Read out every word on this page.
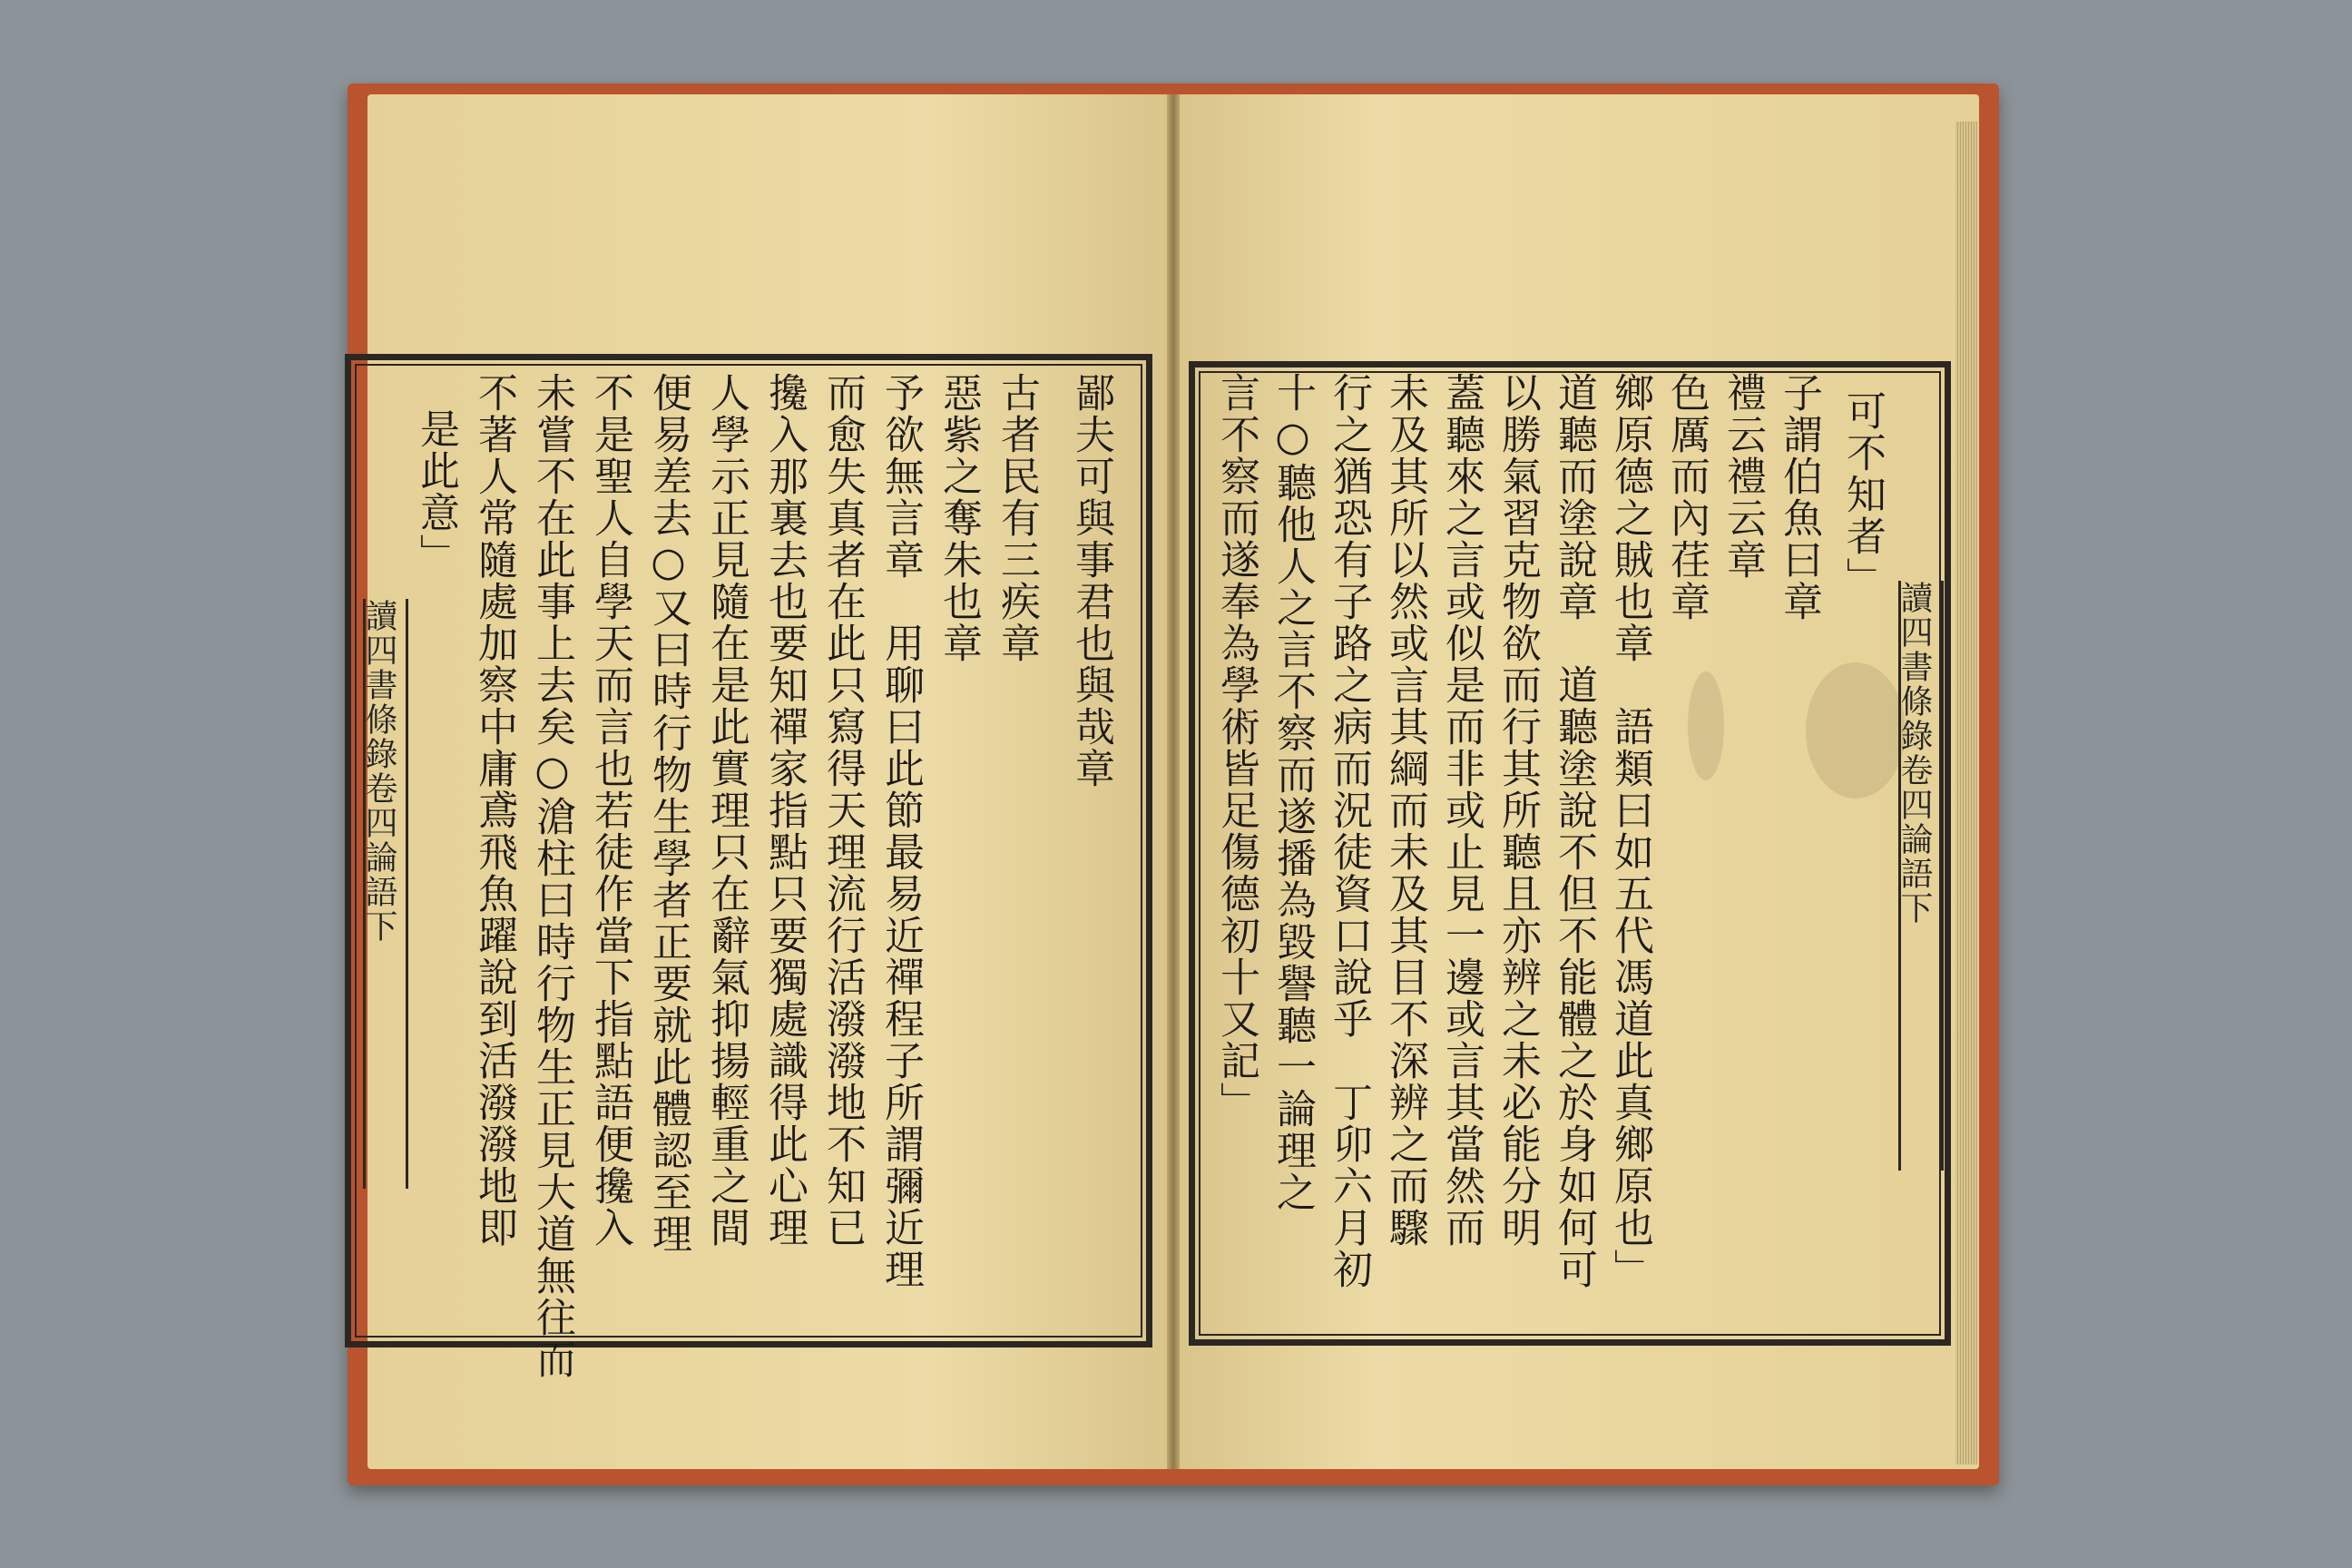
讀四書條錄卷四論語下
是此意」 不著人常隨處加察中庸鳶飛魚躍說到活潑潑地即 未嘗不在此事上去矣○滄柱曰時行物生正見大道無往而 不是聖人自學天而言也若徒作當下指點語便攙入 便易差去○又曰時行物生學者正要就此體認至理 人學示正見隨在是此實理只在辭氣抑揚輕重之間 攙入那裏去也要知禪家指點只要獨處識得此心理 而愈失真者在此只寫得天理流行活潑潑地不知已 予欲無言章　用聊曰此節最易近禪程子所謂彌近理 惡紫之奪朱也章 古者民有三疾章 鄙夫可與事君也與哉章	讀四書條錄卷四論語下
言不察而遂奉為學術皆足傷德初十又記」 十○聽他人之言不察而遂播為毀譽聽一論理之 行之猶恐有子路之病而況徒資口說乎　丁卯六月初 未及其所以然或言其綱而未及其目不深辨之而驟 蓋聽來之言或似是而非或止見一邊或言其當然而 以勝氣習克物欲而行其所聽且亦辨之未必能分明 道聽而塗說章　道聽塗說不但不能體之於身如何可 鄉原德之賊也章　語類曰如五代馮道此真鄉原也」 色厲而內荏章 禮云禮云章 子謂伯魚曰章 可不知者」
